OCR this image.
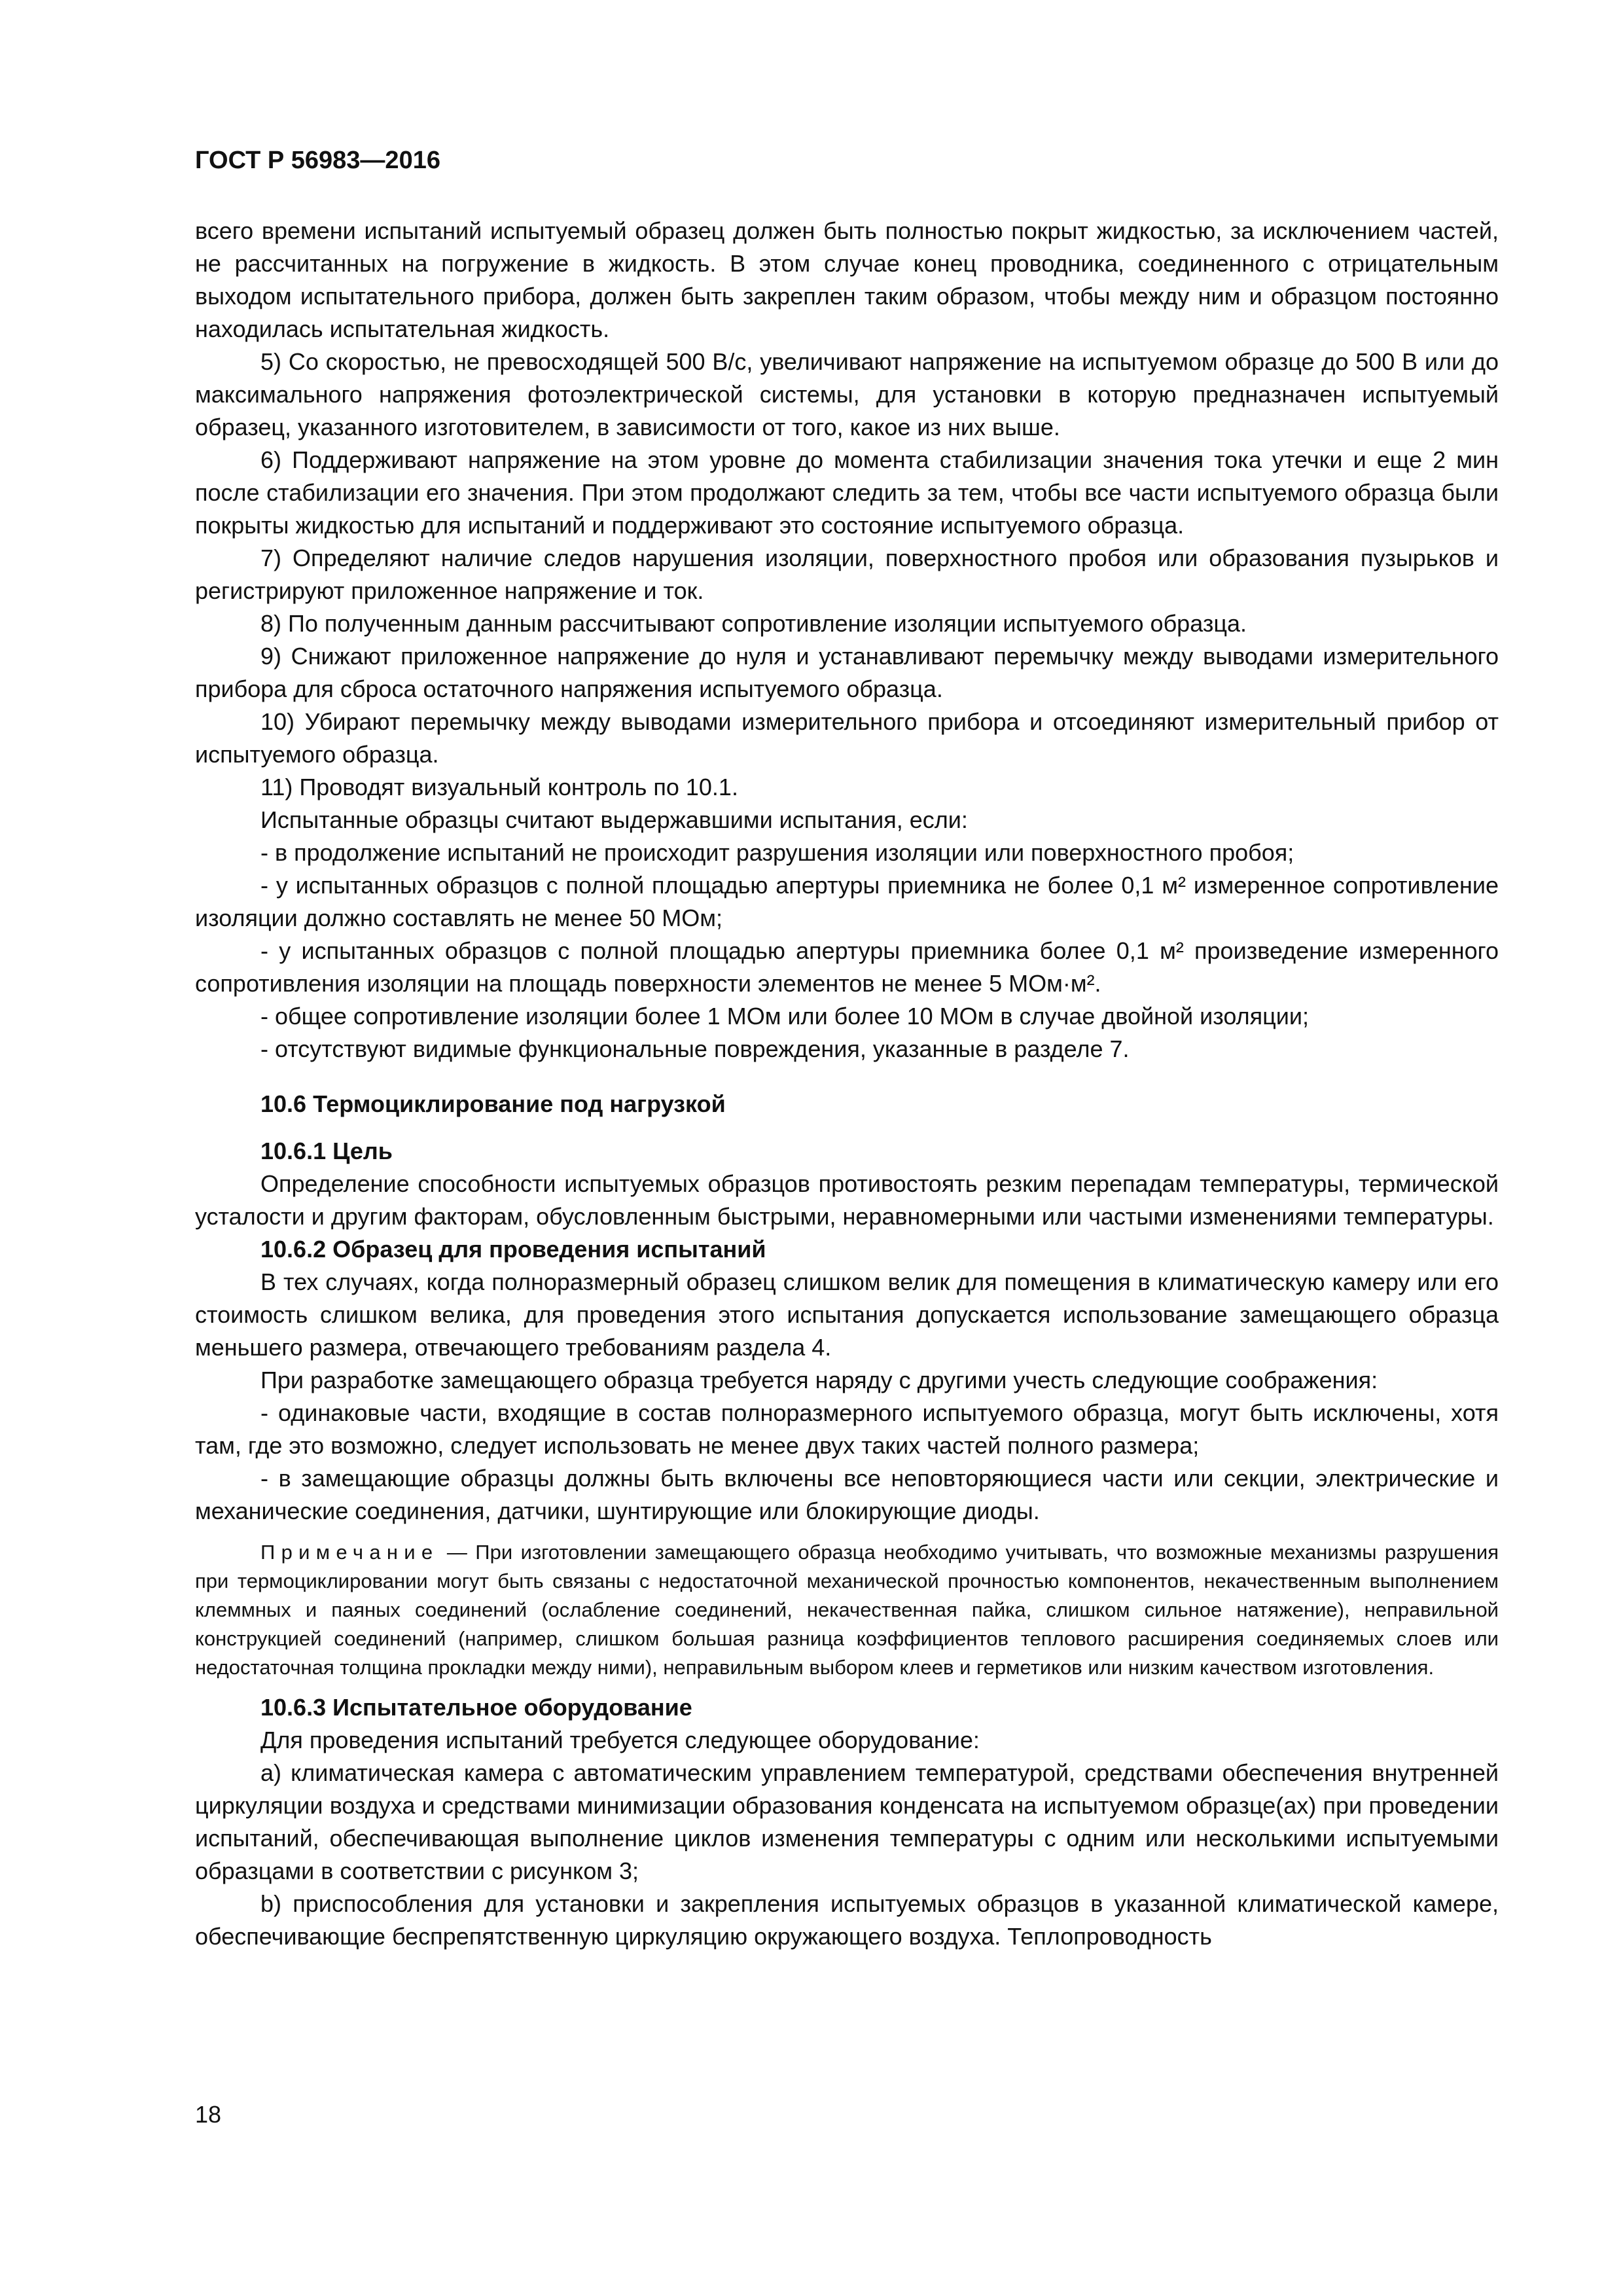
ГОСТ Р 56983—2016

всего времени испытаний испытуемый образец должен быть полностью покрыт жидкостью, за исключением частей, не рассчитанных на погружение в жидкость. В этом случае конец проводника, соединенного с отрицательным выходом испытательного прибора, должен быть закреплен таким образом, чтобы между ним и образцом постоянно находилась испытательная жидкость.

5) Со скоростью, не превосходящей 500 В/с, увеличивают напряжение на испытуемом образце до 500 В или до максимального напряжения фотоэлектрической системы, для установки в которую предназначен испытуемый образец, указанного изготовителем, в зависимости от того, какое из них выше.

6) Поддерживают напряжение на этом уровне до момента стабилизации значения тока утечки и еще 2 мин после стабилизации его значения. При этом продолжают следить за тем, чтобы все части испытуемого образца были покрыты жидкостью для испытаний и поддерживают это состояние испытуемого образца.

7) Определяют наличие следов нарушения изоляции, поверхностного пробоя или образования пузырьков и регистрируют приложенное напряжение и ток.

8) По полученным данным рассчитывают сопротивление изоляции испытуемого образца.

9) Снижают приложенное напряжение до нуля и устанавливают перемычку между выводами измерительного прибора для сброса остаточного напряжения испытуемого образца.

10) Убирают перемычку между выводами измерительного прибора и отсоединяют измерительный прибор от испытуемого образца.

11) Проводят визуальный контроль по 10.1.

Испытанные образцы считают выдержавшими испытания, если:

- в продолжение испытаний не происходит разрушения изоляции или поверхностного пробоя;

- у испытанных образцов с полной площадью апертуры приемника не более 0,1 м² измеренное сопротивление изоляции должно составлять не менее 50 МОм;

- у испытанных образцов с полной площадью апертуры приемника более 0,1 м² произведение измеренного сопротивления изоляции на площадь поверхности элементов не менее 5 МОм·м².

- общее сопротивление изоляции более 1 МОм или более 10 МОм в случае двойной изоляции;

- отсутствуют видимые функциональные повреждения, указанные в разделе 7.

10.6 Термоциклирование под нагрузкой

10.6.1 Цель

Определение способности испытуемых образцов противостоять резким перепадам температуры, термической усталости и другим факторам, обусловленным быстрыми, неравномерными или частыми изменениями температуры.

10.6.2 Образец для проведения испытаний

В тех случаях, когда полноразмерный образец слишком велик для помещения в климатическую камеру или его стоимость слишком велика, для проведения этого испытания допускается использование замещающего образца меньшего размера, отвечающего требованиям раздела 4.

При разработке замещающего образца требуется наряду с другими учесть следующие соображения:

- одинаковые части, входящие в состав полноразмерного испытуемого образца, могут быть исключены, хотя там, где это возможно, следует использовать не менее двух таких частей полного размера;

- в замещающие образцы должны быть включены все неповторяющиеся части или секции, электрические и механические соединения, датчики, шунтирующие или блокирующие диоды.

Примечание — При изготовлении замещающего образца необходимо учитывать, что возможные механизмы разрушения при термоциклировании могут быть связаны с недостаточной механической прочностью компонентов, некачественным выполнением клеммных и паяных соединений (ослабление соединений, некачественная пайка, слишком сильное натяжение), неправильной конструкцией соединений (например, слишком большая разница коэффициентов теплового расширения соединяемых слоев или недостаточная толщина прокладки между ними), неправильным выбором клеев и герметиков или низким качеством изготовления.

10.6.3 Испытательное оборудование

Для проведения испытаний требуется следующее оборудование:

а) климатическая камера с автоматическим управлением температурой, средствами обеспечения внутренней циркуляции воздуха и средствами минимизации образования конденсата на испытуемом образце(ах) при проведении испытаний, обеспечивающая выполнение циклов изменения температуры с одним или несколькими испытуемыми образцами в соответствии с рисунком 3;

b) приспособления для установки и закрепления испытуемых образцов в указанной климатической камере, обеспечивающие беспрепятственную циркуляцию окружающего воздуха. Теплопроводность

18
